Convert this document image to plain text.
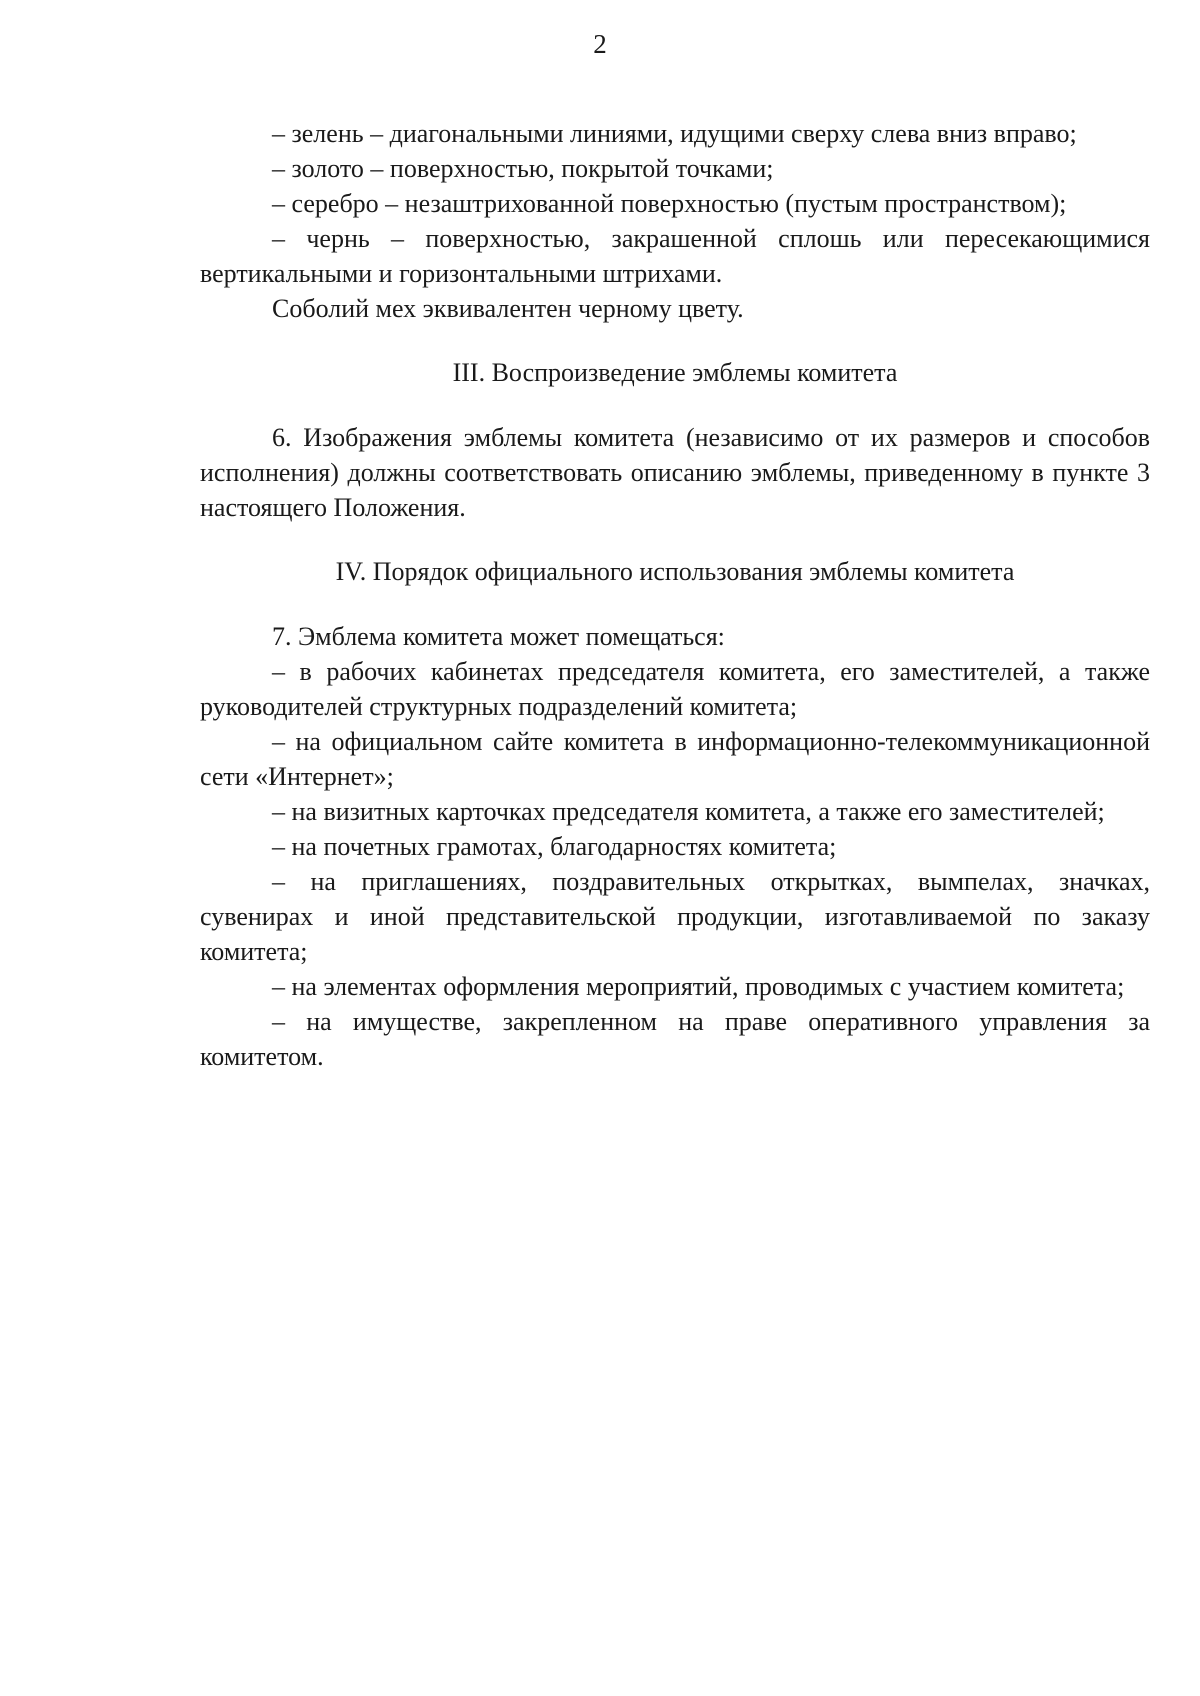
2

– зелень – диагональными линиями, идущими сверху слева вниз вправо;

– золото – поверхностью, покрытой точками;

– серебро – незаштрихованной поверхностью (пустым пространством);

– чернь – поверхностью, закрашенной сплошь или пересекающимися вертикальными и горизонтальными штрихами.

Соболий мех эквивалентен черному цвету.

III. Воспроизведение эмблемы комитета

6. Изображения эмблемы комитета (независимо от их размеров и способов исполнения) должны соответствовать описанию эмблемы, приведенному в пункте 3 настоящего Положения.

IV. Порядок официального использования эмблемы комитета

7. Эмблема комитета может помещаться:

– в рабочих кабинетах председателя комитета, его заместителей, а также руководителей структурных подразделений комитета;

– на официальном сайте комитета в информационно-телекоммуникационной сети «Интернет»;

– на визитных карточках председателя комитета, а также его заместителей;

– на почетных грамотах, благодарностях комитета;

– на приглашениях, поздравительных открытках, вымпелах, значках, сувенирах и иной представительской продукции, изготавливаемой по заказу комитета;

– на элементах оформления мероприятий, проводимых с участием комитета;

– на имуществе, закрепленном на праве оперативного управления за комитетом.
